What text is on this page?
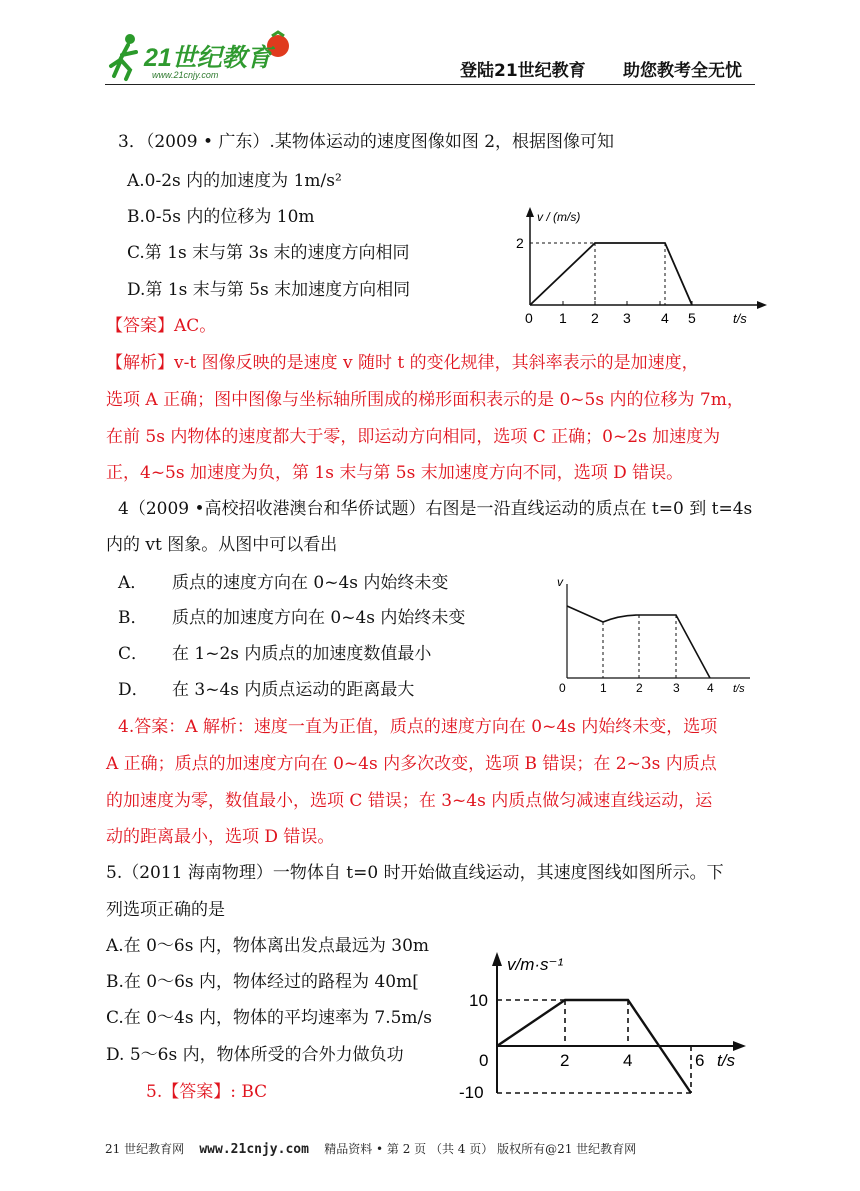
21世纪教育
www.21cnjy.com	登陆21世纪教育 助您教考全无忧
3．（2009 • 广东）.某物体运动的速度图像如图 2，根据图像可知
A.0-2s 内的加速度为 1m/s²
B.0-5s 内的位移为 10m
C.第 1s 末与第 3s 末的速度方向相同
D.第 1s 末与第 5s 末加速度方向相同
【答案】AC。
【解析】v-t 图像反映的是速度 v 随时 t 的变化规律，其斜率表示的是加速度，
选项 A 正确；图中图像与坐标轴所围成的梯形面积表示的是 0~5s 内的位移为 7m，
在前 5s 内物体的速度都大于零，即运动方向相同，选项 C 正确；0~2s 加速度为
正，4~5s 加速度为负，第 1s 末与第 5s 末加速度方向不同，选项 D 错误。
v / (m/s)
2
0 1 2 3 4 5	t/s
4（2009 •高校招收港澳台和华侨试题）右图是一沿直线运动的质点在 t=0 到 t=4s
内的 vt 图象。从图中可以看出
A． 质点的速度方向在 0~4s 内始终未变
B． 质点的加速度方向在 0~4s 内始终未变
C． 在 1~2s 内质点的加速度数值最小
D． 在 3~4s 内质点运动的距离最大
4.答案：A 解析：速度一直为正值，质点的速度方向在 0~4s 内始终未变，选项
A 正确；质点的加速度方向在 0~4s 内多次改变，选项 B 错误；在 2~3s 内质点
的加速度为零，数值最小，选项 C 错误；在 3~4s 内质点做匀减速直线运动，运
动的距离最小，选项 D 错误。
v
0	1 2	3 4 t/s
5.（2011 海南物理）一物体自 t=0 时开始做直线运动，其速度图线如图所示。下
列选项正确的是
A.在 0～6s 内，物体离出发点最远为 30m
B.在 0～6s 内，物体经过的路程为 40m[
C.在 0～4s 内，物体的平均速率为 7.5m/s
D. 5～6s 内，物体所受的合外力做负功
5.【答案】: BC
v/m·s⁻¹
10
0
-10
2	4	6 t/s
21 世纪教育网 www.21cnjy.com 精品资料 • 第 2 页 （共 4 页） 版权所有@21 世纪教育网
